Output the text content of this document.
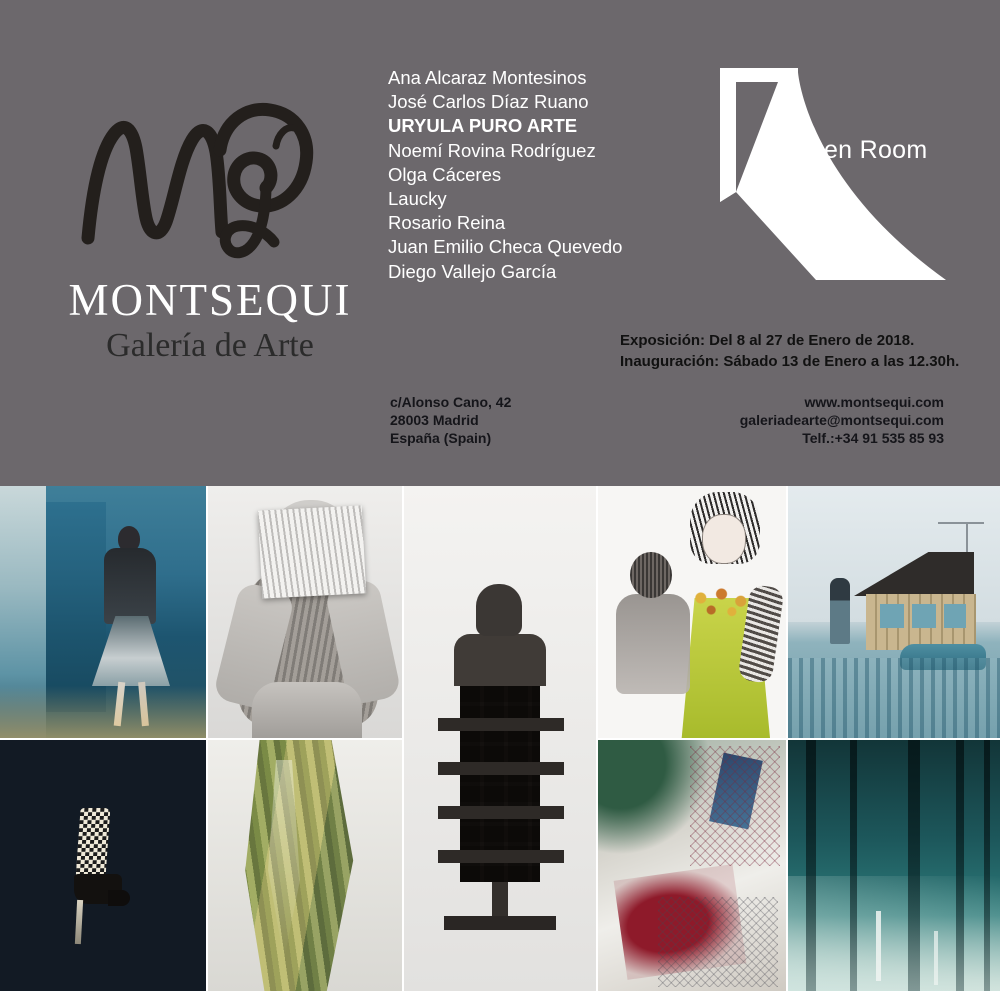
MONTSEQUI
Galería de Arte
Ana Alcaraz Montesinos
José Carlos Díaz Ruano
URYULA PURO ARTE
Noemí Rovina Rodríguez
Olga Cáceres
Laucky
Rosario Reina
Juan Emilio Checa Quevedo
Diego Vallejo García
Open Room
Exposición: Del 8 al 27 de Enero de 2018.
Inauguración: Sábado 13 de Enero a las 12.30h.
c/Alonso Cano, 42
28003 Madrid
España (Spain)
www.montsequi.com
galeriadearte@montsequi.com
Telf.:+34 91 535 85 93
